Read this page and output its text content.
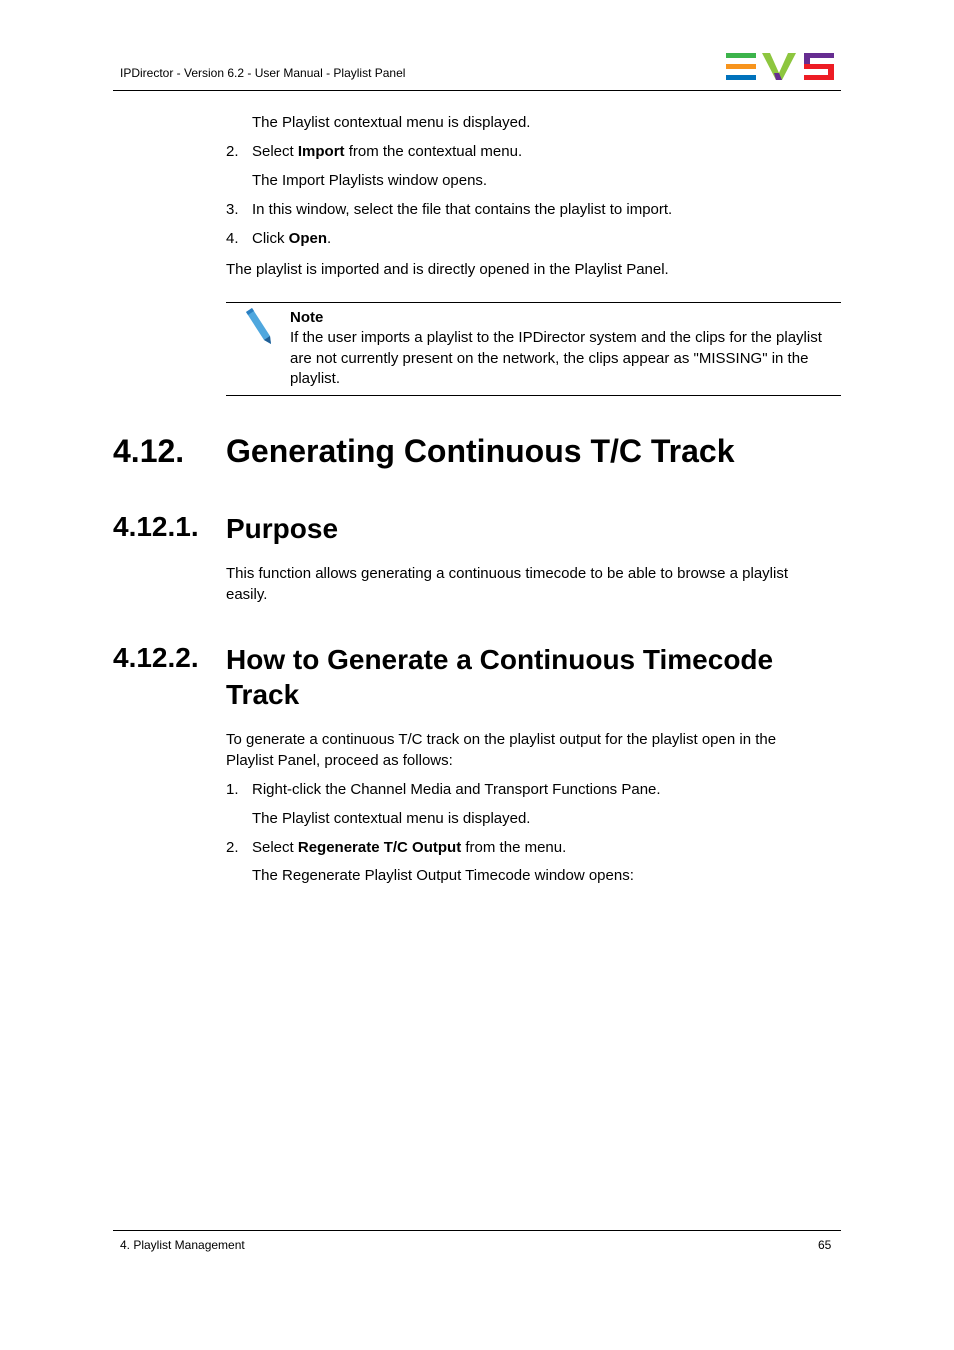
IPDirector - Version 6.2 - User Manual - Playlist Panel
The Playlist contextual menu is displayed.
2. Select Import from the contextual menu.
The Import Playlists window opens.
3. In this window, select the file that contains the playlist to import.
4. Click Open.
The playlist is imported and is directly opened in the Playlist Panel.
Note
If the user imports a playlist to the IPDirector system and the clips for the playlist are not currently present on the network, the clips appear as "MISSING" in the playlist.
4.12. Generating Continuous T/C Track
4.12.1. Purpose
This function allows generating a continuous timecode to be able to browse a playlist easily.
4.12.2. How to Generate a Continuous Timecode Track
To generate a continuous T/C track on the playlist output for the playlist open in the Playlist Panel, proceed as follows:
1. Right-click the Channel Media and Transport Functions Pane.
The Playlist contextual menu is displayed.
2. Select Regenerate T/C Output from the menu.
The Regenerate Playlist Output Timecode window opens:
4. Playlist Management	65
